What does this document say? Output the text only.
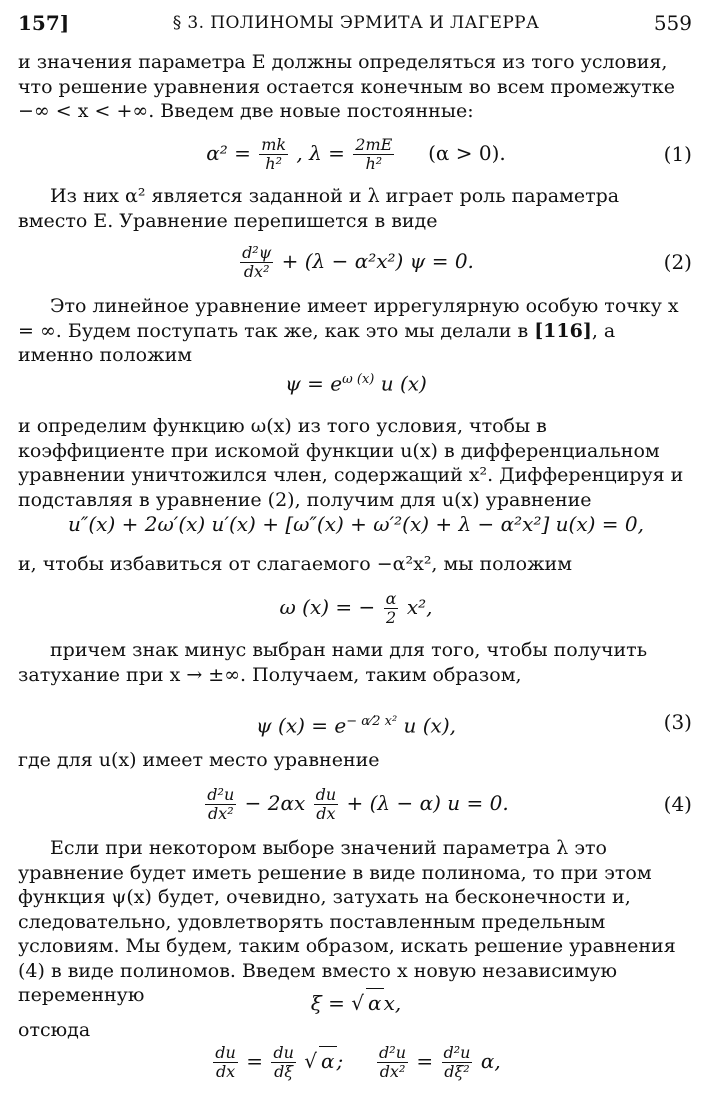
§ 3. ПОЛИНОМЫ ЭРМИТА И ЛАГЕРРА
157]	559
и значения параметра E должны определяться из того условия, что решение уравнения остается конечным во всем промежутке −∞ < x < +∞. Введем две новые постоянные:
$\alpha^2 = \frac{mk}{\text{h²}}$ , $\lambda = \frac{2mE}{\text{h²}} (\alpha > 0)$.	(1)
Из них α² является заданной и λ играет роль параметра вместо E. Уравнение перепишется в виде
$\frac{\text{d²ψ}}{\text{dx²}} + (\lambda - \alpha^2x^2) \psi = 0$.	(2)
Это линейное уравнение имеет иррегулярную особую точку x = ∞. Будем поступать так же, как это мы делали в [116], а именно положим
$\psi = e^{\omega (x)}$ u (x)
и определим функцию ω(x) из того условия, чтобы в коэффициенте при искомой функции u(x) в дифференциальном уравнении уничтожился член, содержащий x². Дифференцируя и подставляя в уравнение (2), получим для u(x) уравнение
u″(x) + 2ω′(x) u′(x) + [ω″(x) + ω′²(x) + λ − α²x²] u(x) = 0,
и, чтобы избавиться от слагаемого −α²x², мы положим
ω (x) = − $\frac{\alpha}{2} x^2$,
причем знак минус выбран нами для того, чтобы получить затухание при x → ±∞. Получаем, таким образом,
ψ $(x) = e^{- \alpha⁄2 x^2}$ u (x),	(3)
где для u(x) имеет место уравнение
$\frac{\text{d²u}}{\text{dx²}} - 2\alpha x \frac{du}{dx} + (\lambda - \alpha) u = 0$.	(4)
Если при некотором выборе значений параметра λ это уравнение будет иметь решение в виде полинома, то при этом функция ψ(x) будет, очевидно, затухать на бесконечности и, следовательно, удовлетворять поставленным предельным условиям. Мы будем, таким образом, искать решение уравнения (4) в виде полиномов. Введем вместо x новую независимую переменную	ξ = √ α x,
отсюда
$\frac{du}{dx} = \frac{du}{d\xi}$ √ α ; $\frac{\text{d²u}}{\text{dx²}} = \frac{\text{d²u}}{\text{dξ²}} \alpha$,
